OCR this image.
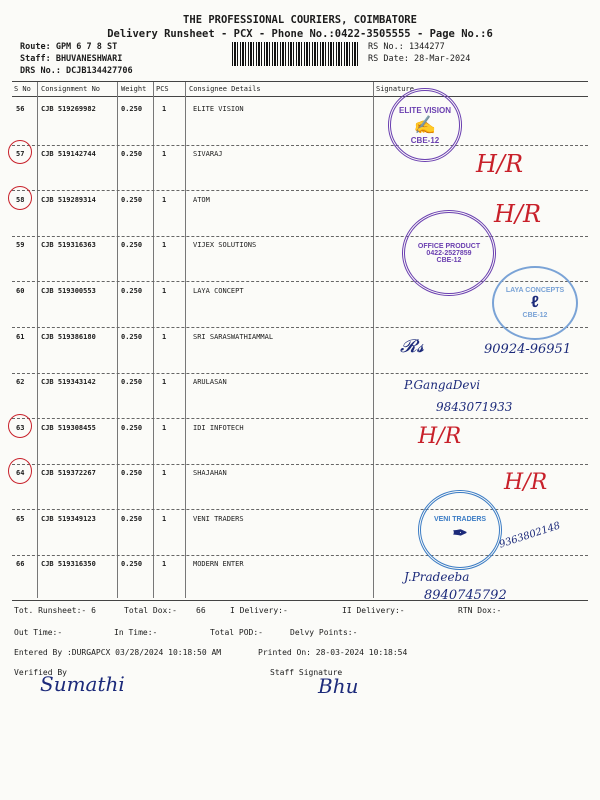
THE PROFESSIONAL COURIERS, COIMBATORE
Delivery Runsheet - PCX - Phone No.:0422-3505555 - Page No.:6
Route: GPM 6 7 8 ST
Staff: BHUVANESHWARI
DRS No.: DCJB134427706
RS No.: 1344277
RS Date: 28-Mar-2024
S No Consignment No	Weight PCS	Consignee Details	Signature
56 CJB 519269982	0.250	1	ELITE VISION
57 CJB 519142744	0.250	1	SIVARAJ
58 CJB 519289314	0.250	1	ATOM
59 CJB 519316363	0.250	1	VIJEX SOLUTIONS
60 CJB 519300553	0.250	1	LAYA CONCEPT
61 CJB 519386180	0.250	1	SRI SARASWATHIAMMAL
62 CJB 519343142	0.250	1	ARULASAN
63 CJB 519308455	0.250	1	IDI INFOTECH
64 CJB 519372267	0.250	1	SHAJAHAN
65 CJB 519349123	0.250	1	VENI TRADERS
66 CJB 519316350	0.250	1	MODERN ENTER
H/R
H/R
H/R
H/R
ELITE VISION
✍
CBE-12
OFFICE PRODUCT
0422-2527859
CBE-12
LAYA CONCEPTS
ℓ
CBE-12
VENI TRADERS
✒
𝓡𝓼	90924-96951
P.GangaDevi
9843071933
9363802148
J.Pradeeba
8940745792
Tot. Runsheet:- 6	Total Dox:- 66	I Delivery:-	II Delivery:-	RTN Dox:-
Out Time:-	In Time:-	Total POD:-	Delvy Points:-
Entered By :DURGAPCX 03/28/2024 10:18:50 AM	Printed On: 28-03-2024 10:18:54
Verified By	Staff Signature
Sumathi	Bhu
